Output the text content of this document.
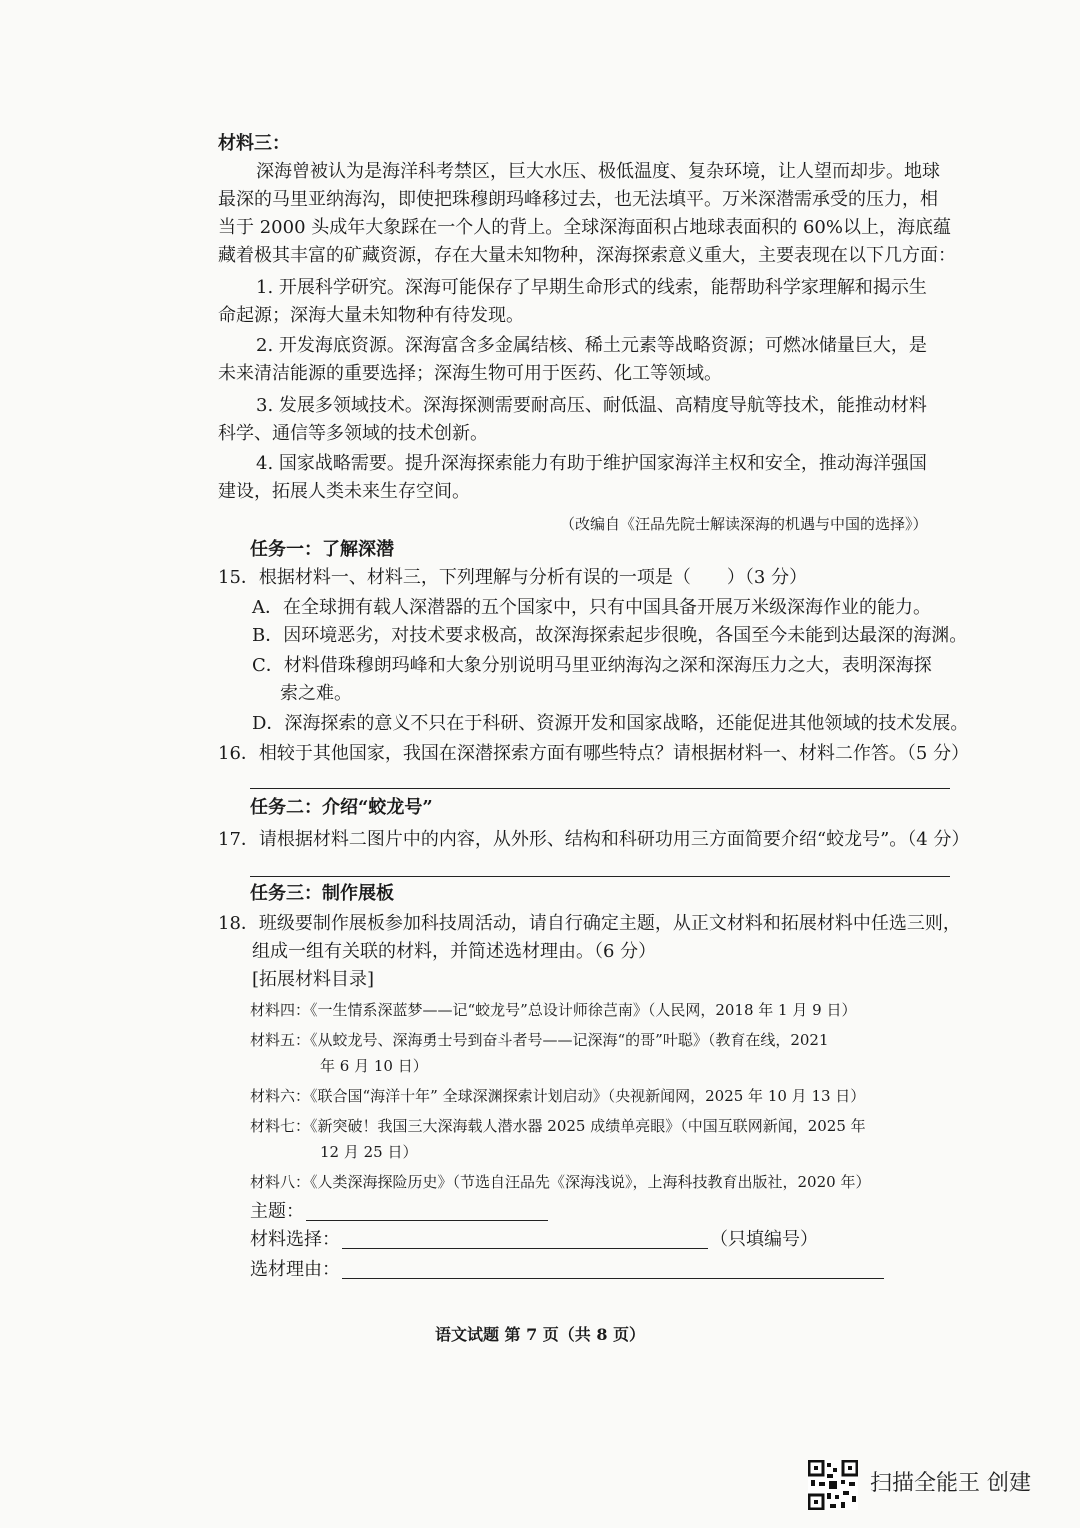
材料三：
深海曾被认为是海洋科考禁区，巨大水压、极低温度、复杂环境，让人望而却步。地球
最深的马里亚纳海沟，即使把珠穆朗玛峰移过去，也无法填平。万米深潜需承受的压力，相
当于 2000 头成年大象踩在一个人的背上。全球深海面积占地球表面积的 60%以上，海底蕴
藏着极其丰富的矿藏资源，存在大量未知物种，深海探索意义重大，主要表现在以下几方面：
1. 开展科学研究。深海可能保存了早期生命形式的线索，能帮助科学家理解和揭示生
命起源；深海大量未知物种有待发现。
2. 开发海底资源。深海富含多金属结核、稀土元素等战略资源；可燃冰储量巨大，是
未来清洁能源的重要选择；深海生物可用于医药、化工等领域。
3. 发展多领域技术。深海探测需要耐高压、耐低温、高精度导航等技术，能推动材料
科学、通信等多领域的技术创新。
4. 国家战略需要。提升深海探索能力有助于维护国家海洋主权和安全，推动海洋强国
建设，拓展人类未来生存空间。
（改编自《汪品先院士解读深海的机遇与中国的选择》）
任务一：了解深潜
15．根据材料一、材料三，下列理解与分析有误的一项是（　　）（3 分）
A．在全球拥有载人深潜器的五个国家中，只有中国具备开展万米级深海作业的能力。
B．因环境恶劣，对技术要求极高，故深海探索起步很晚，各国至今未能到达最深的海渊。
C．材料借珠穆朗玛峰和大象分别说明马里亚纳海沟之深和深海压力之大，表明深海探
索之难。
D．深海探索的意义不只在于科研、资源开发和国家战略，还能促进其他领域的技术发展。
16．相较于其他国家，我国在深潜探索方面有哪些特点？请根据材料一、材料二作答。（5 分）
任务二：介绍“蛟龙号”
17．请根据材料二图片中的内容，从外形、结构和科研功用三方面简要介绍“蛟龙号”。（4 分）
任务三：制作展板
18．班级要制作展板参加科技周活动，请自行确定主题，从正文材料和拓展材料中任选三则，
组成一组有关联的材料，并简述选材理由。（6 分）
[拓展材料目录]
材料四：《一生情系深蓝梦——记“蛟龙号”总设计师徐芑南》（人民网，2018 年 1 月 9 日）
材料五：《从蛟龙号、深海勇士号到奋斗者号——记深海“的哥”叶聪》（教育在线，2021
年 6 月 10 日）
材料六：《联合国“海洋十年” 全球深渊探索计划启动》（央视新闻网，2025 年 10 月 13 日）
材料七：《新突破！我国三大深海载人潜水器 2025 成绩单亮眼》（中国互联网新闻，2025 年
12 月 25 日）
材料八：《人类深海探险历史》（节选自汪品先《深海浅说》，上海科技教育出版社，2020 年）
主题：
材料选择：	（只填编号）
选材理由：
语文试题 第 7 页（共 8 页）
扫描全能王 创建
